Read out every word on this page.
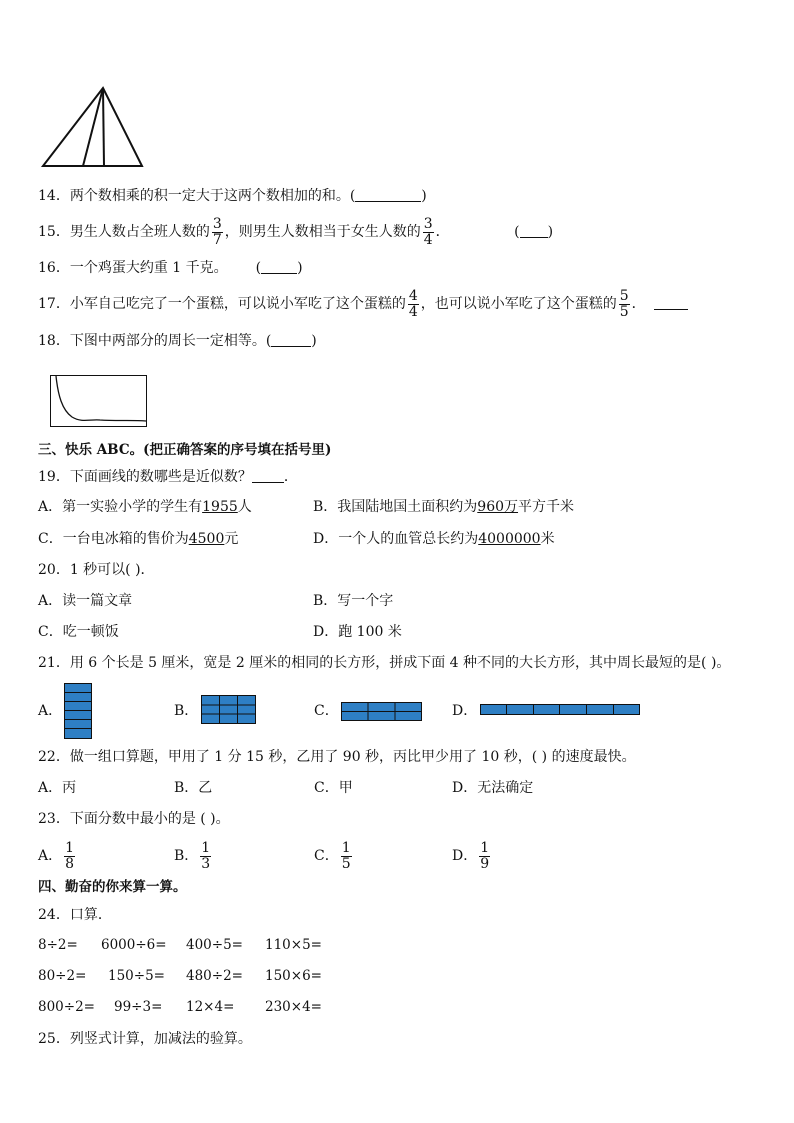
14．两个数相乘的积一定大于这两个数相加的和。(	)
15．男生人数占全班人数的 $\frac{3}{7}$ ，则男生人数相当于女生人数的 $\frac{3}{4}$ ．	( )
16．一个鸡蛋大约重 1 千克。 (	)
17．小军自己吃完了一个蛋糕，可以说小军吃了这个蛋糕的 $\frac{4}{4}$ ，也可以说小军吃了这个蛋糕的 $\frac{5}{5}$ ．
18．下图中两部分的周长一定相等。(	)
三、快乐 ABC。(把正确答案的序号填在括号里)
19．下面画线的数哪些是近似数？ ．
A．第一实验小学的学生有1955人	B．我国陆地国土面积约为960万平方千米
C．一台电冰箱的售价为4500元	D．一个人的血管总长约为4000000米
20．1 秒可以( )．
A．读一篇文章	B．写一个字
C．吃一顿饭	D．跑 100 米
21．用 6 个长是 5 厘米，宽是 2 厘米的相同的长方形，拼成下面 4 种不同的大长方形，其中周长最短的是( )。
A．	B．	C．	D．
22．做一组口算题，甲用了 1 分 15 秒，乙用了 90 秒，丙比甲少用了 10 秒，( ) 的速度最快。
A．丙	B．乙	C．甲	D．无法确定
23．下面分数中最小的是 ( )。
A． $\frac{1}{8}$	B． $\frac{1}{3}$	C． $\frac{1}{5}$	D． $\frac{1}{9}$
四、勤奋的你来算一算。
24．口算．
8÷2= 6000÷6= 400÷5= 110×5=
80÷2= 150÷5= 480÷2= 150×6=
800÷2= 99÷3= 12×4= 230×4=
25．列竖式计算，加减法的验算。
